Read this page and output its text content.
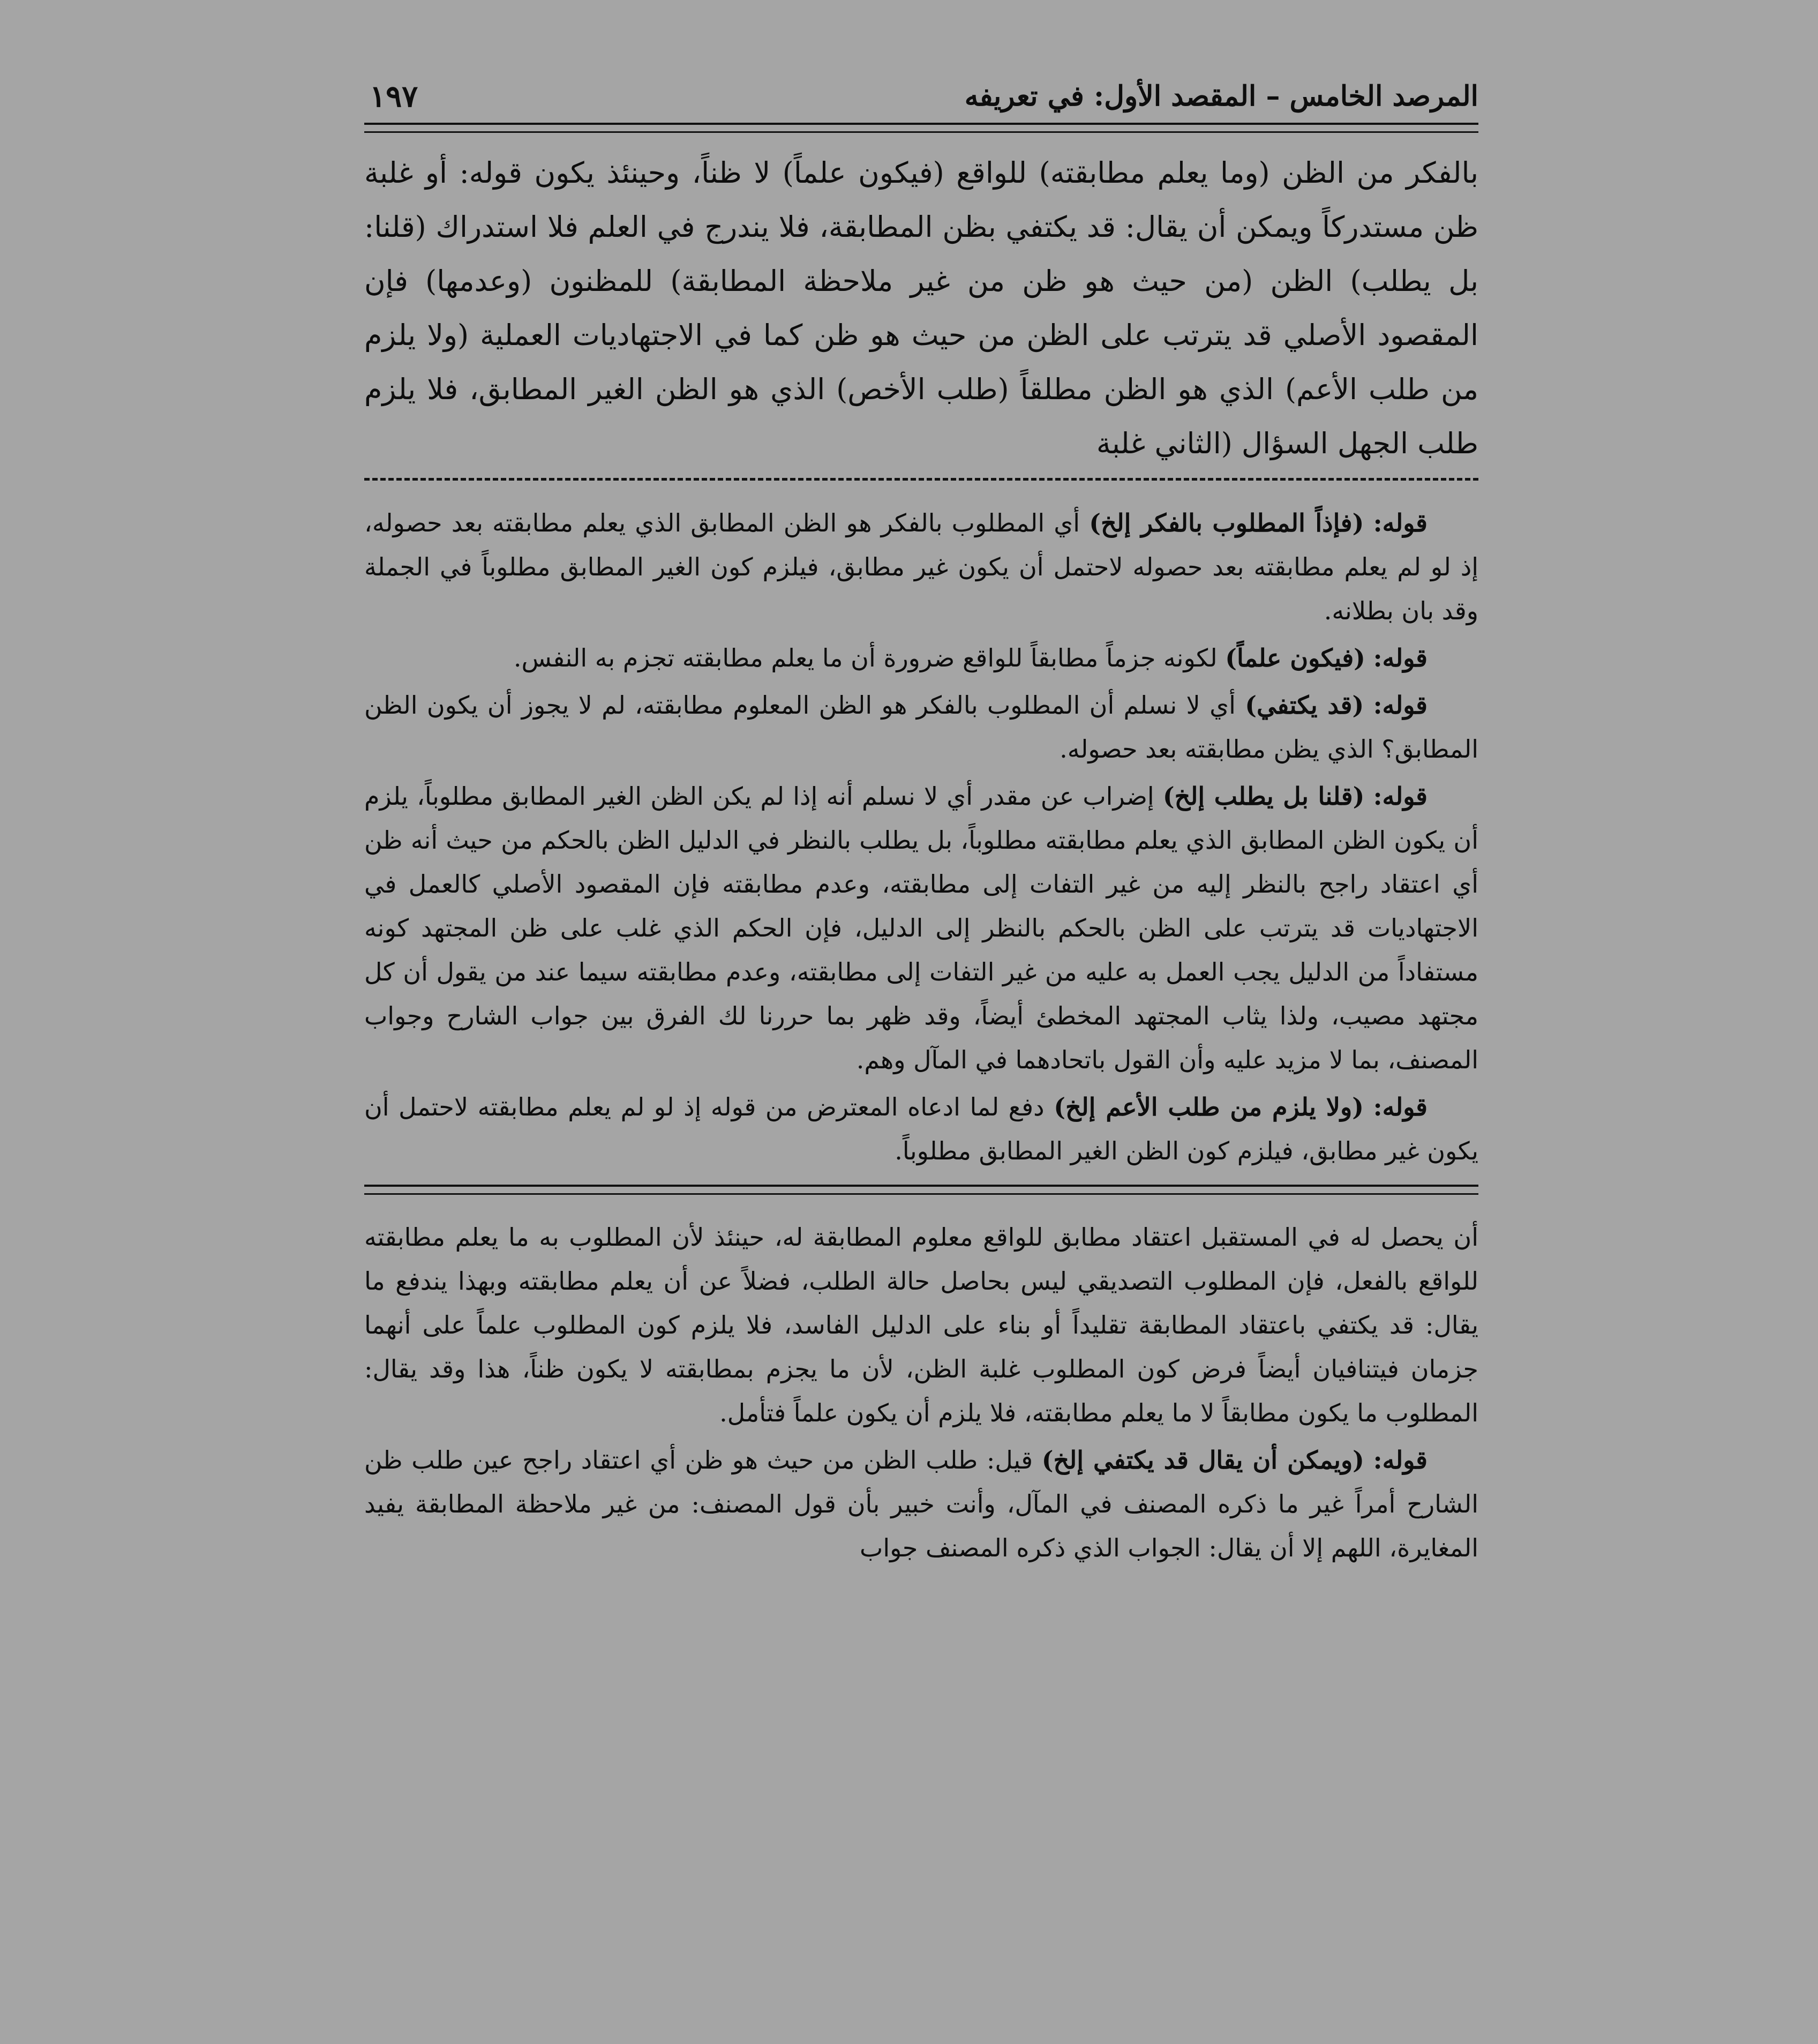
المرصد الخامس – المقصد الأول: في تعريفه
١٩٧

بالفكر من الظن (وما يعلم مطابقته) للواقع (فيكون علماً) لا ظناً، وحينئذ يكون قوله: أو غلبة ظن مستدركاً ويمكن أن يقال: قد يكتفي بظن المطابقة، فلا يندرج في العلم فلا استدراك (قلنا: بل يطلب) الظن (من حيث هو ظن من غير ملاحظة المطابقة) للمظنون (وعدمها) فإن المقصود الأصلي قد يترتب على الظن من حيث هو ظن كما في الاجتهاديات العملية (ولا يلزم من طلب الأعم) الذي هو الظن مطلقاً (طلب الأخص) الذي هو الظن الغير المطابق، فلا يلزم طلب الجهل السؤال (الثاني غلبة

قوله: (فإذاً المطلوب بالفكر إلخ) أي المطلوب بالفكر هو الظن المطابق الذي يعلم مطابقته بعد حصوله، إذ لو لم يعلم مطابقته بعد حصوله لاحتمل أن يكون غير مطابق، فيلزم كون الغير المطابق مطلوباً في الجملة وقد بان بطلانه.

قوله: (فيكون علماً) لكونه جزماً مطابقاً للواقع ضرورة أن ما يعلم مطابقته تجزم به النفس.

قوله: (قد يكتفي) أي لا نسلم أن المطلوب بالفكر هو الظن المعلوم مطابقته، لم لا يجوز أن يكون الظن المطابق؟ الذي يظن مطابقته بعد حصوله.

قوله: (قلنا بل يطلب إلخ) إضراب عن مقدر أي لا نسلم أنه إذا لم يكن الظن الغير المطابق مطلوباً، يلزم أن يكون الظن المطابق الذي يعلم مطابقته مطلوباً، بل يطلب بالنظر في الدليل الظن بالحكم من حيث أنه ظن أي اعتقاد راجح بالنظر إليه من غير التفات إلى مطابقته، وعدم مطابقته فإن المقصود الأصلي كالعمل في الاجتهاديات قد يترتب على الظن بالحكم بالنظر إلى الدليل، فإن الحكم الذي غلب على ظن المجتهد كونه مستفاداً من الدليل يجب العمل به عليه من غير التفات إلى مطابقته، وعدم مطابقته سيما عند من يقول أن كل مجتهد مصيب، ولذا يثاب المجتهد المخطئ أيضاً، وقد ظهر بما حررنا لك الفرق بين جواب الشارح وجواب المصنف، بما لا مزيد عليه وأن القول باتحادهما في المآل وهم.

قوله: (ولا يلزم من طلب الأعم إلخ) دفع لما ادعاه المعترض من قوله إذ لو لم يعلم مطابقته لاحتمل أن يكون غير مطابق، فيلزم كون الظن الغير المطابق مطلوباً.

أن يحصل له في المستقبل اعتقاد مطابق للواقع معلوم المطابقة له، حينئذ لأن المطلوب به ما يعلم مطابقته للواقع بالفعل، فإن المطلوب التصديقي ليس بحاصل حالة الطلب، فضلاً عن أن يعلم مطابقته وبهذا يندفع ما يقال: قد يكتفي باعتقاد المطابقة تقليداً أو بناء على الدليل الفاسد، فلا يلزم كون المطلوب علماً على أنهما جزمان فيتنافيان أيضاً فرض كون المطلوب غلبة الظن، لأن ما يجزم بمطابقته لا يكون ظناً، هذا وقد يقال: المطلوب ما يكون مطابقاً لا ما يعلم مطابقته، فلا يلزم أن يكون علماً فتأمل.

قوله: (ويمكن أن يقال قد يكتفي إلخ) قيل: طلب الظن من حيث هو ظن أي اعتقاد راجح عين طلب ظن الشارح أمراً غير ما ذكره المصنف في المآل، وأنت خبير بأن قول المصنف: من غير ملاحظة المطابقة يفيد المغايرة، اللهم إلا أن يقال: الجواب الذي ذكره المصنف جواب
